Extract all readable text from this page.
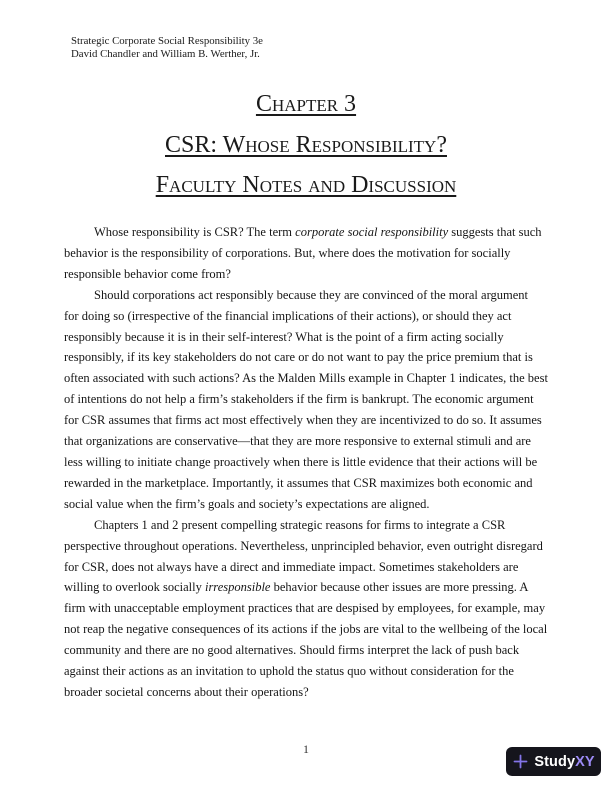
Strategic Corporate Social Responsibility 3e
David Chandler and William B. Werther, Jr.
Chapter 3
CSR: Whose Responsibility?
Faculty Notes and Discussion
Whose responsibility is CSR? The term corporate social responsibility suggests that such
behavior is the responsibility of corporations. But, where does the motivation for socially
responsible behavior come from?
Should corporations act responsibly because they are convinced of the moral argument
for doing so (irrespective of the financial implications of their actions), or should they act
responsibly because it is in their self-interest? What is the point of a firm acting socially
responsibly, if its key stakeholders do not care or do not want to pay the price premium that is
often associated with such actions? As the Malden Mills example in Chapter 1 indicates, the best
of intentions do not help a firm’s stakeholders if the firm is bankrupt. The economic argument
for CSR assumes that firms act most effectively when they are incentivized to do so. It assumes
that organizations are conservative—that they are more responsive to external stimuli and are
less willing to initiate change proactively when there is little evidence that their actions will be
rewarded in the marketplace. Importantly, it assumes that CSR maximizes both economic and
social value when the firm’s goals and society’s expectations are aligned.
Chapters 1 and 2 present compelling strategic reasons for firms to integrate a CSR
perspective throughout operations. Nevertheless, unprincipled behavior, even outright disregard
for CSR, does not always have a direct and immediate impact. Sometimes stakeholders are
willing to overlook socially irresponsible behavior because other issues are more pressing. A
firm with unacceptable employment practices that are despised by employees, for example, may
not reap the negative consequences of its actions if the jobs are vital to the wellbeing of the local
community and there are no good alternatives. Should firms interpret the lack of push back
against their actions as an invitation to uphold the status quo without consideration for the
broader societal concerns about their operations?
1
StudyXY
